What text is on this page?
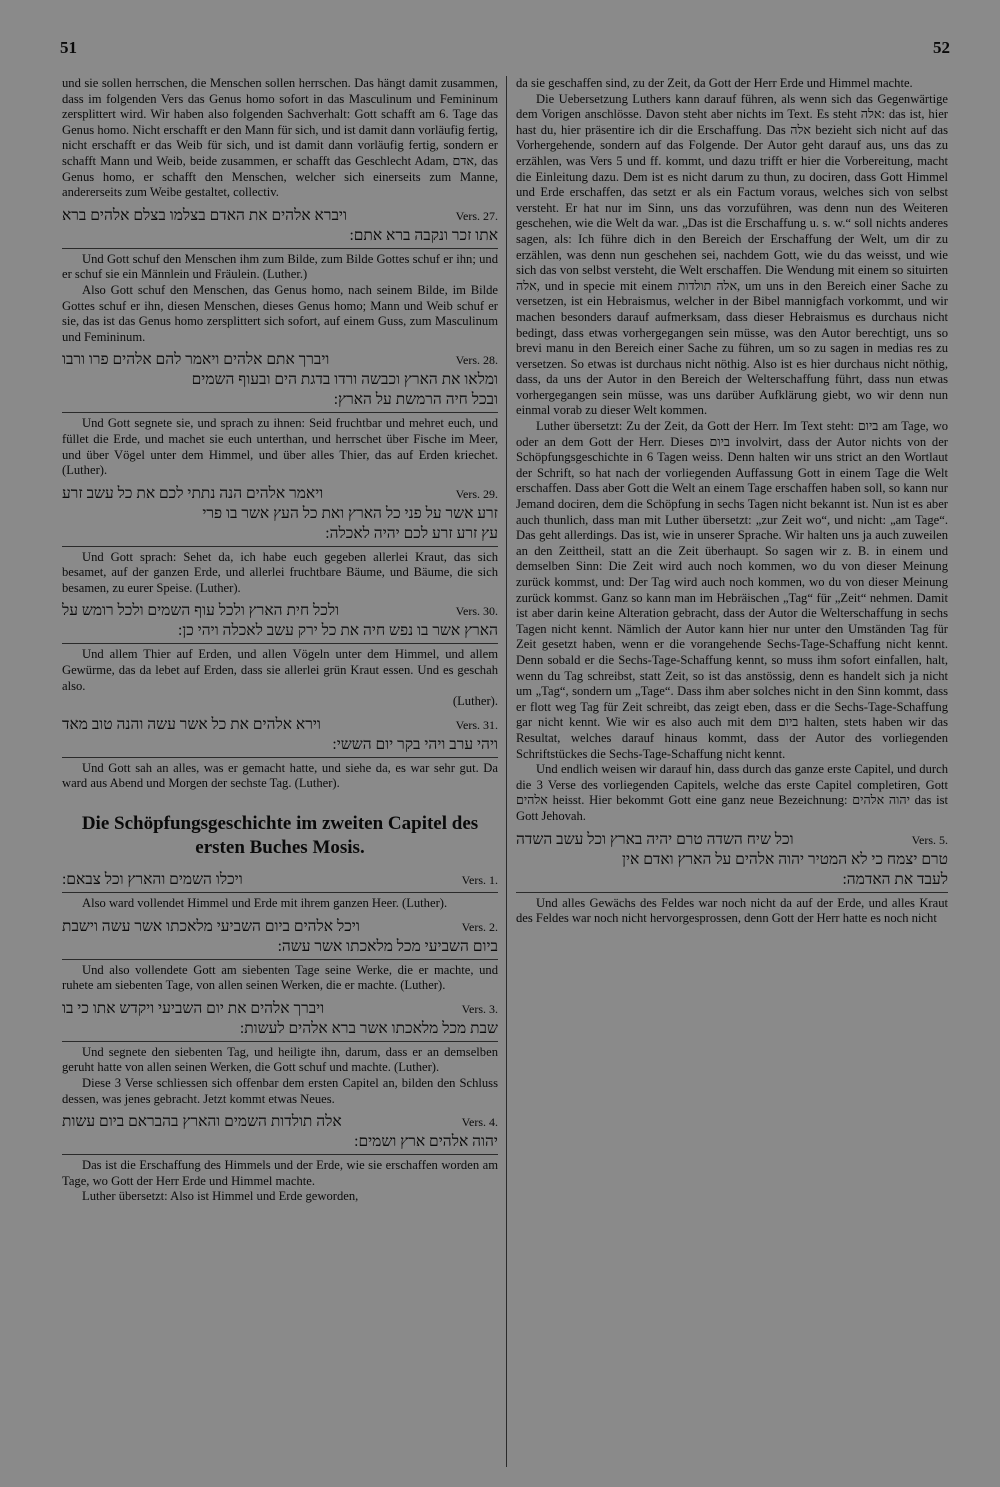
51	52

und sie sollen herrschen, die Menschen sollen herrschen. Das hängt damit zusammen, dass im folgenden Vers das Genus homo sofort in das Masculinum und Femininum zersplittert wird. Wir haben also folgenden Sachverhalt: Gott schafft am 6. Tage das Genus homo. Nicht erschafft er den Mann für sich, und ist damit dann vorläufig fertig, nicht erschafft er das Weib für sich, und ist damit dann vorläufig fertig, sondern er schafft Mann und Weib, beide zusammen, er schafft das Geschlecht Adam, אדם, das Genus homo, er schafft den Menschen, welcher sich einerseits zum Manne, andererseits zum Weibe gestaltet, collectiv.

ויברא אלהים את האדם בצלמו בצלם אלהים ברא	Vers. 27.
אתו זכר ונקבה ברא אתם:

Und Gott schuf den Menschen ihm zum Bilde, zum Bilde Gottes schuf er ihn; und er schuf sie ein Männlein und Fräulein. (Luther.)

Also Gott schuf den Menschen, das Genus homo, nach seinem Bilde, im Bilde Gottes schuf er ihn, diesen Menschen, dieses Genus homo; Mann und Weib schuf er sie, das ist das Genus homo zersplittert sich sofort, auf einem Guss, zum Masculinum und Femininum.

ויברך אתם אלהים ויאמר להם אלהים פרו ורבו	Vers. 28.
ומלאו את הארץ וכבשה ורדו בדגת הים ובעוף השמים
ובכל חיה הרמשת על הארץ:

Und Gott segnete sie, und sprach zu ihnen: Seid fruchtbar und mehret euch, und füllet die Erde, und machet sie euch unterthan, und herrschet über Fische im Meer, und über Vögel unter dem Himmel, und über alles Thier, das auf Erden kriechet. (Luther).

ויאמר אלהים הנה נתתי לכם את כל עשב זרע	Vers. 29.
זרע אשר על פני כל הארץ ואת כל העץ אשר בו פרי
עץ זרע זרע לכם יהיה לאכלה:

Und Gott sprach: Sehet da, ich habe euch gegeben allerlei Kraut, das sich besamet, auf der ganzen Erde, und allerlei fruchtbare Bäume, und Bäume, die sich besamen, zu eurer Speise. (Luther).

ולכל חית הארץ ולכל עוף השמים ולכל רומש על	Vers. 30.
הארץ אשר בו נפש חיה את כל ירק עשב לאכלה ויהי כן:

Und allem Thier auf Erden, und allen Vögeln unter dem Himmel, und allem Gewürme, das da lebet auf Erden, dass sie allerlei grün Kraut essen. Und es geschah also.

(Luther).

וירא אלהים את כל אשר עשה והנה טוב מאד	Vers. 31.
ויהי ערב ויהי בקר יום הששי:

Und Gott sah an alles, was er gemacht hatte, und siehe da, es war sehr gut. Da ward aus Abend und Morgen der sechste Tag. (Luther).

Die Schöpfungsgeschichte im zweiten Capitel des ersten Buches Mosis.
ויכלו השמים והארץ וכל צבאם:	Vers. 1.

Also ward vollendet Himmel und Erde mit ihrem ganzen Heer. (Luther).

ויכל אלהים ביום השביעי מלאכתו אשר עשה וישבת	Vers. 2.
ביום השביעי מכל מלאכתו אשר עשה:

Und also vollendete Gott am siebenten Tage seine Werke, die er machte, und ruhete am siebenten Tage, von allen seinen Werken, die er machte. (Luther).

ויברך אלהים את יום השביעי ויקדש אתו כי בו	Vers. 3.
שבת מכל מלאכתו אשר ברא אלהים לעשות:

Und segnete den siebenten Tag, und heiligte ihn, darum, dass er an demselben geruht hatte von allen seinen Werken, die Gott schuf und machte. (Luther).

Diese 3 Verse schliessen sich offenbar dem ersten Capitel an, bilden den Schluss dessen, was jenes gebracht. Jetzt kommt etwas Neues.

אלה תולדות השמים והארץ בהבראם ביום עשות	Vers. 4.
יהוה אלהים ארץ ושמים:

Das ist die Erschaffung des Himmels und der Erde, wie sie erschaffen worden am Tage, wo Gott der Herr Erde und Himmel machte.

Luther übersetzt: Also ist Himmel und Erde geworden,

da sie geschaffen sind, zu der Zeit, da Gott der Herr Erde und Himmel machte.

Die Uebersetzung Luthers kann darauf führen, als wenn sich das Gegenwärtige dem Vorigen anschlösse. Davon steht aber nichts im Text. Es steht אלה: das ist, hier hast du, hier präsentire ich dir die Erschaffung. Das אלה bezieht sich nicht auf das Vorhergehende, sondern auf das Folgende. Der Autor geht darauf aus, uns das zu erzählen, was Vers 5 und ff. kommt, und dazu trifft er hier die Vorbereitung, macht die Einleitung dazu. Dem ist es nicht darum zu thun, zu dociren, dass Gott Himmel und Erde erschaffen, das setzt er als ein Factum voraus, welches sich von selbst versteht. Er hat nur im Sinn, uns das vorzuführen, was denn nun des Weiteren geschehen, wie die Welt da war. „Das ist die Erschaffung u. s. w.“ soll nichts anderes sagen, als: Ich führe dich in den Bereich der Erschaffung der Welt, um dir zu erzählen, was denn nun geschehen sei, nachdem Gott, wie du das weisst, und wie sich das von selbst versteht, die Welt erschaffen. Die Wendung mit einem so situirten אלה, und in specie mit einem אלה תולדות, um uns in den Bereich einer Sache zu versetzen, ist ein Hebraismus, welcher in der Bibel mannigfach vorkommt, und wir machen besonders darauf aufmerksam, dass dieser Hebraismus es durchaus nicht bedingt, dass etwas vorhergegangen sein müsse, was den Autor berechtigt, uns so brevi manu in den Bereich einer Sache zu führen, um so zu sagen in medias res zu versetzen. So etwas ist durchaus nicht nöthig. Also ist es hier durchaus nicht nöthig, dass, da uns der Autor in den Bereich der Welterschaffung führt, dass nun etwas vorhergegangen sein müsse, was uns darüber Aufklärung giebt, wo wir denn nun einmal vorab zu dieser Welt kommen.

Luther übersetzt: Zu der Zeit, da Gott der Herr. Im Text steht: ביום am Tage, wo oder an dem Gott der Herr. Dieses ביום involvirt, dass der Autor nichts von der Schöpfungsgeschichte in 6 Tagen weiss. Denn halten wir uns strict an den Wortlaut der Schrift, so hat nach der vorliegenden Auffassung Gott in einem Tage die Welt erschaffen. Dass aber Gott die Welt an einem Tage erschaffen haben soll, so kann nur Jemand dociren, dem die Schöpfung in sechs Tagen nicht bekannt ist. Nun ist es aber auch thunlich, dass man mit Luther übersetzt: „zur Zeit wo“, und nicht: „am Tage“. Das geht allerdings. Das ist, wie in unserer Sprache. Wir halten uns ja auch zuweilen an den Zeittheil, statt an die Zeit überhaupt. So sagen wir z. B. in einem und demselben Sinn: Die Zeit wird auch noch kommen, wo du von dieser Meinung zurück kommst, und: Der Tag wird auch noch kommen, wo du von dieser Meinung zurück kommst. Ganz so kann man im Hebräischen „Tag“ für „Zeit“ nehmen. Damit ist aber darin keine Alteration gebracht, dass der Autor die Welterschaffung in sechs Tagen nicht kennt. Nämlich der Autor kann hier nur unter den Umständen Tag für Zeit gesetzt haben, wenn er die vorangehende Sechs-Tage-Schaffung nicht kennt. Denn sobald er die Sechs-Tage-Schaffung kennt, so muss ihm sofort einfallen, halt, wenn du Tag schreibst, statt Zeit, so ist das anstössig, denn es handelt sich ja nicht um „Tag“, sondern um „Tage“. Dass ihm aber solches nicht in den Sinn kommt, dass er flott weg Tag für Zeit schreibt, das zeigt eben, dass er die Sechs-Tage-Schaffung gar nicht kennt. Wie wir es also auch mit dem ביום halten, stets haben wir das Resultat, welches darauf hinaus kommt, dass der Autor des vorliegenden Schriftstückes die Sechs-Tage-Schaffung nicht kennt.

Und endlich weisen wir darauf hin, dass durch das ganze erste Capitel, und durch die 3 Verse des vorliegenden Capitels, welche das erste Capitel completiren, Gott אלהים heisst. Hier bekommt Gott eine ganz neue Bezeichnung: יהוה אלהים das ist Gott Jehovah.

וכל שיח השדה טרם יהיה בארץ וכל עשב השדה	Vers. 5.
טרם יצמח כי לא המטיר יהוה אלהים על הארץ ואדם אין
לעבד את האדמה:

Und alles Gewächs des Feldes war noch nicht da auf der Erde, und alles Kraut des Feldes war noch nicht hervorgesprossen, denn Gott der Herr hatte es noch nicht
